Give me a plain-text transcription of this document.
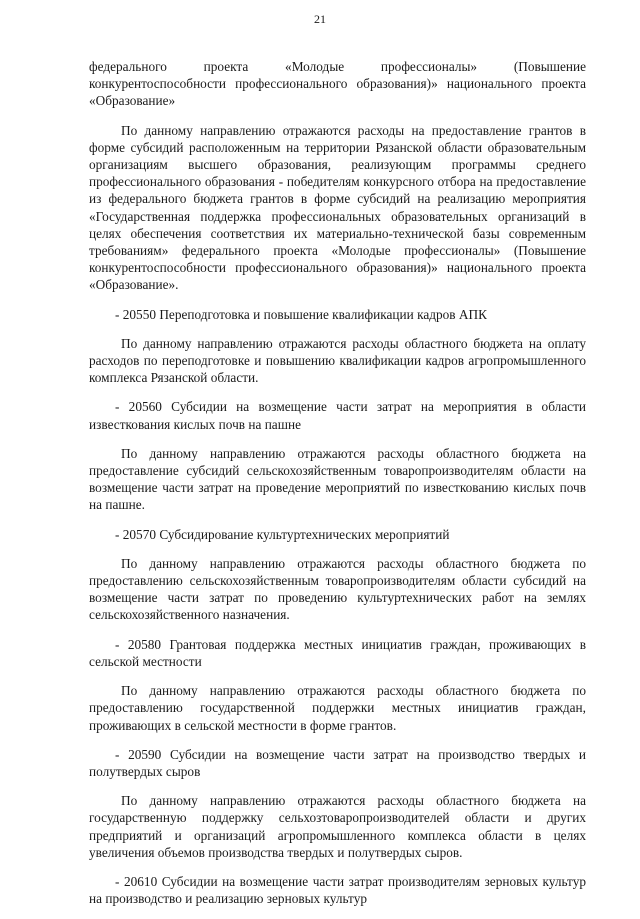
21

федерального проекта «Молодые профессионалы» (Повышение конкурентоспособности профессионального образования)» национального проекта «Образование»

По данному направлению отражаются расходы на предоставление грантов в форме субсидий расположенным на территории Рязанской области образовательным организациям высшего образования, реализующим программы среднего профессионального образования - победителям конкурсного отбора на предоставление из федерального бюджета грантов в форме субсидий на реализацию мероприятия «Государственная поддержка профессиональных образовательных организаций в целях обеспечения соответствия их материально-технической базы современным требованиям» федерального проекта «Молодые профессионалы» (Повышение конкурентоспособности профессионального образования)» национального проекта «Образование».

- 20550 Переподготовка и повышение квалификации кадров АПК

По данному направлению отражаются расходы областного бюджета на оплату расходов по переподготовке и повышению квалификации кадров агропромышленного комплекса Рязанской области.

- 20560 Субсидии на возмещение части затрат на мероприятия в области известкования кислых почв на пашне

По данному направлению отражаются расходы областного бюджета на предоставление субсидий сельскохозяйственным товаропроизводителям области на возмещение части затрат на проведение мероприятий по известкованию кислых почв на пашне.

- 20570 Субсидирование культуртехнических мероприятий

По данному направлению отражаются расходы областного бюджета по предоставлению сельскохозяйственным товаропроизводителям области субсидий на возмещение части затрат по проведению культуртехнических работ на землях сельскохозяйственного назначения.

- 20580 Грантовая поддержка местных инициатив граждан, проживающих в сельской местности

По данному направлению отражаются расходы областного бюджета по предоставлению государственной поддержки местных инициатив граждан, проживающих в сельской местности в форме грантов.

- 20590 Субсидии на возмещение части затрат на производство твердых и полутвердых сыров

По данному направлению отражаются расходы областного бюджета на государственную поддержку сельхозтоваропроизводителей области и других предприятий и организаций агропромышленного комплекса области в целях увеличения объемов производства твердых и полутвердых сыров.

- 20610 Субсидии на возмещение части затрат производителям зерновых культур на производство и реализацию зерновых культур
